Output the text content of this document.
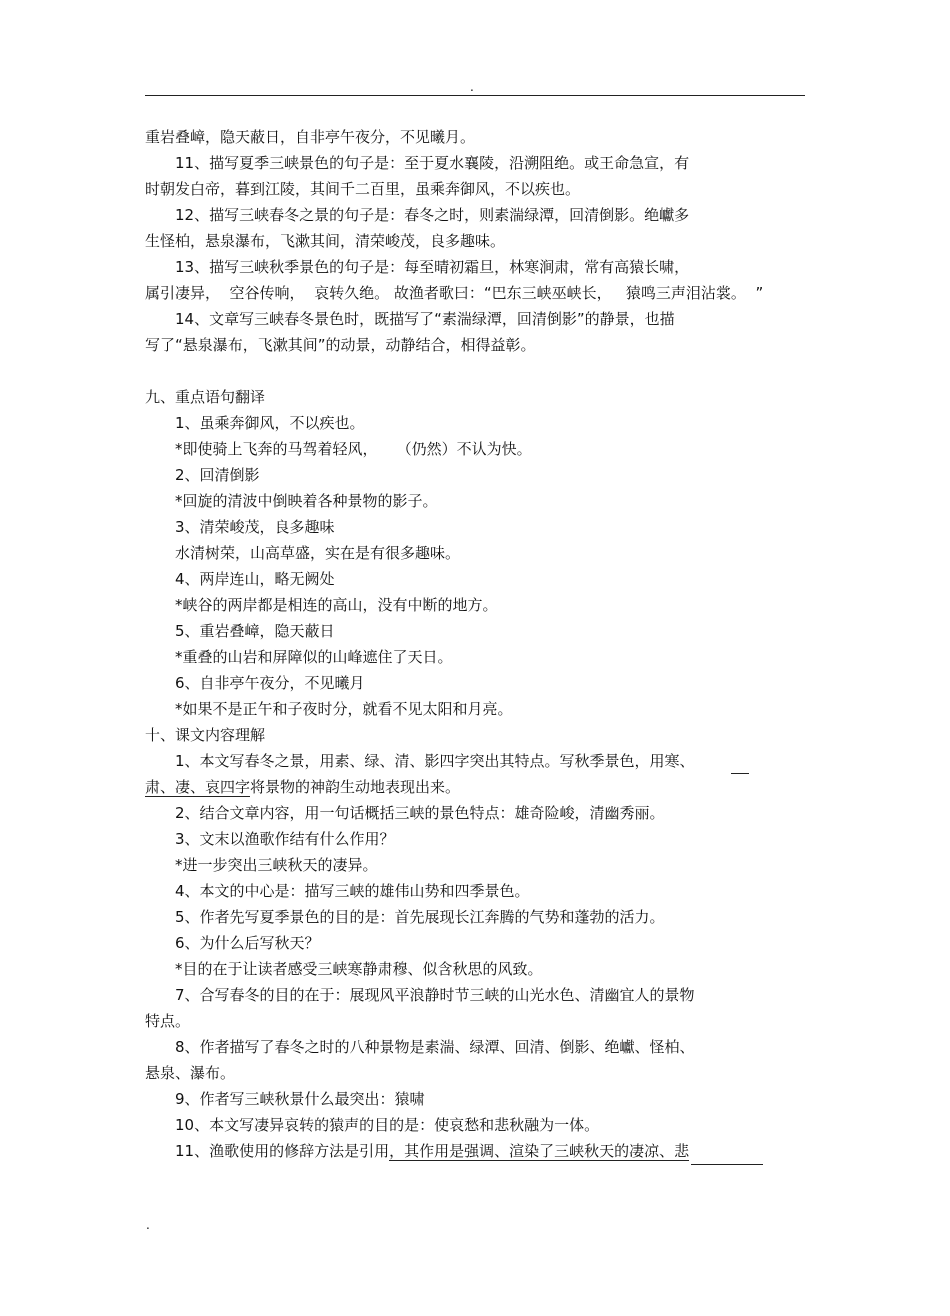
.

重岩叠嶂，隐天蔽日，自非亭午夜分，不见曦月。

11、描写夏季三峡景色的句子是：至于夏水襄陵，沿溯阻绝。或王命急宣，有

时朝发白帝，暮到江陵，其间千二百里，虽乘奔御风，不以疾也。

12、描写三峡春冬之景的句子是：春冬之时，则素湍绿潭，回清倒影。绝巘多

生怪柏，悬泉瀑布，飞漱其间，清荣峻茂，良多趣味。

13、描写三峡秋季景色的句子是：每至晴初霜旦，林寒涧肃，常有高猿长啸，

属引凄异，  空谷传响，  哀转久绝。 故渔者歌曰：“巴东三峡巫峡长，   猿鸣三声泪沾裳。  ”

14、文章写三峡春冬景色时，既描写了“素湍绿潭，回清倒影”的静景，也描

写了“悬泉瀑布，飞漱其间”的动景，动静结合，相得益彰。

九、重点语句翻译

1、虽乘奔御风，不以疾也。

*即使骑上飞奔的马驾着轻风，    （仍然）不认为快。

2、回清倒影

*回旋的清波中倒映着各种景物的影子。

3、清荣峻茂，良多趣味

水清树荣，山高草盛，实在是有很多趣味。

4、两岸连山，略无阙处

*峡谷的两岸都是相连的高山，没有中断的地方。

5、重岩叠嶂，隐天蔽日

*重叠的山岩和屏障似的山峰遮住了天日。

6、自非亭午夜分，不见曦月

*如果不是正午和子夜时分，就看不见太阳和月亮。

十、课文内容理解

1、本文写春冬之景，用素、绿、清、影四字突出其特点。写秋季景色，用寒、

肃、凄、哀四字将景物的神韵生动地表现出来。

2、结合文章内容，用一句话概括三峡的景色特点：雄奇险峻，清幽秀丽。

3、文末以渔歌作结有什么作用？

*进一步突出三峡秋天的凄异。

4、本文的中心是：描写三峡的雄伟山势和四季景色。

5、作者先写夏季景色的目的是：首先展现长江奔腾的气势和蓬勃的活力。

6、为什么后写秋天？

*目的在于让读者感受三峡寒静肃穆、似含秋思的风致。

7、合写春冬的目的在于：展现风平浪静时节三峡的山光水色、清幽宜人的景物

特点。

8、作者描写了春冬之时的八种景物是素湍、绿潭、回清、倒影、绝巘、怪柏、

悬泉、瀑布。

9、作者写三峡秋景什么最突出：猿啸

10、本文写凄异哀转的猿声的目的是：使哀愁和悲秋融为一体。

11、渔歌使用的修辞方法是引用，其作用是强调、渲染了三峡秋天的凄凉、悲

.
